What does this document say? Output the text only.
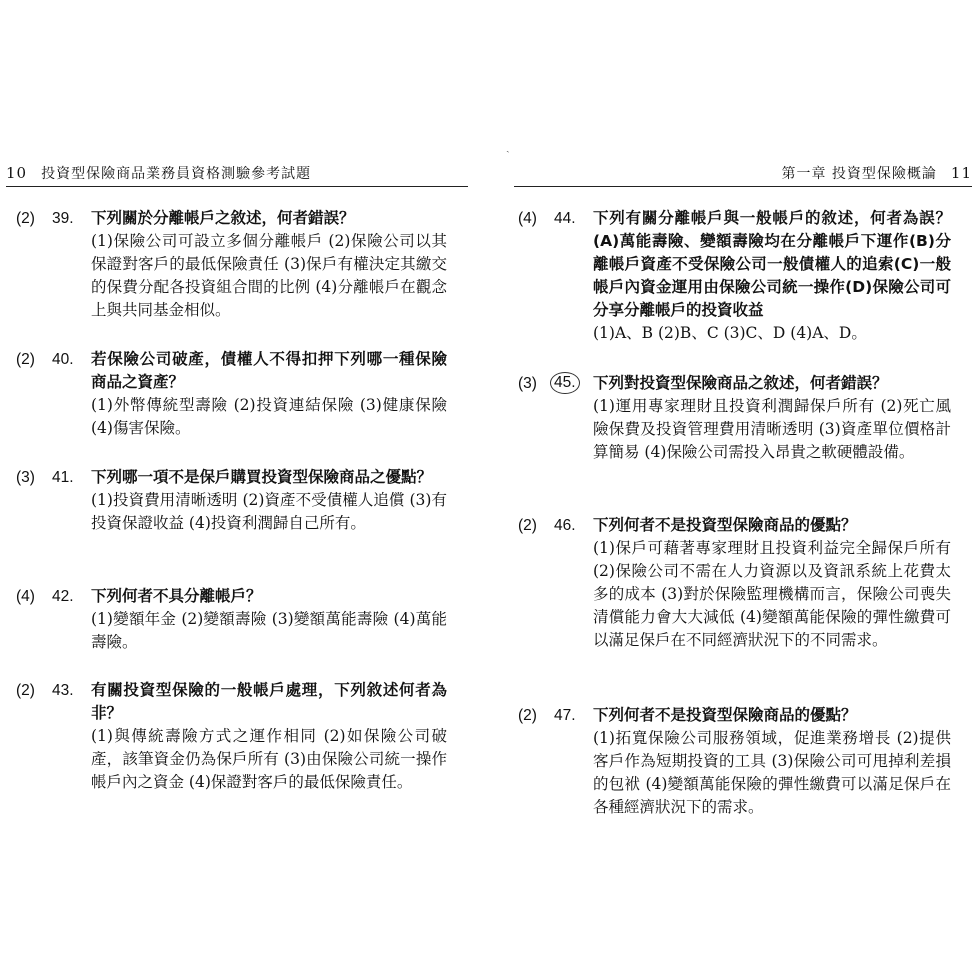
10 投資型保險商品業務員資格測驗參考試題	第一章 投資型保險概論 11
ˏ
(2) 39. 下列關於分離帳戶之敘述，何者錯誤？
(1)保險公司可設立多個分離帳戶 (2)保險公司以其保證對客戶的最低保險責任 (3)保戶有權決定其繳交的保費分配各投資組合間的比例 (4)分離帳戶在觀念上與共同基金相似。
(2) 40. 若保險公司破產，債權人不得扣押下列哪一種保險商品之資產？
(1)外幣傳統型壽險 (2)投資連結保險 (3)健康保險 (4)傷害保險。
(3) 41. 下列哪一項不是保戶購買投資型保險商品之優點？
(1)投資費用清晰透明 (2)資產不受債權人追償 (3)有投資保證收益 (4)投資利潤歸自己所有。
(4) 42. 下列何者不具分離帳戶？
(1)變額年金 (2)變額壽險 (3)變額萬能壽險 (4)萬能壽險。
(2) 43. 有關投資型保險的一般帳戶處理，下列敘述何者為非？
(1)與傳統壽險方式之運作相同 (2)如保險公司破產，該筆資金仍為保戶所有 (3)由保險公司統一操作帳戶內之資金 (4)保證對客戶的最低保險責任。
(4) 44. 下列有關分離帳戶與一般帳戶的敘述，何者為誤？(A)萬能壽險、變額壽險均在分離帳戶下運作(B)分離帳戶資產不受保險公司一般債權人的追索(C)一般帳戶內資金運用由保險公司統一操作(D)保險公司可分享分離帳戶的投資收益
(1)A、B (2)B、C (3)C、D (4)A、D。
(3) 45. 下列對投資型保險商品之敘述，何者錯誤？
(1)運用專家理財且投資利潤歸保戶所有 (2)死亡風險保費及投資管理費用清晰透明 (3)資產單位價格計算簡易 (4)保險公司需投入昂貴之軟硬體設備。
(2) 46. 下列何者不是投資型保險商品的優點？
(1)保戶可藉著專家理財且投資利益完全歸保戶所有 (2)保險公司不需在人力資源以及資訊系統上花費太多的成本 (3)對於保險監理機構而言，保險公司喪失清償能力會大大減低 (4)變額萬能保險的彈性繳費可以滿足保戶在不同經濟狀況下的不同需求。
(2) 47. 下列何者不是投資型保險商品的優點？
(1)拓寬保險公司服務領域，促進業務增長 (2)提供客戶作為短期投資的工具 (3)保險公司可甩掉利差損的包袱 (4)變額萬能保險的彈性繳費可以滿足保戶在各種經濟狀況下的需求。
